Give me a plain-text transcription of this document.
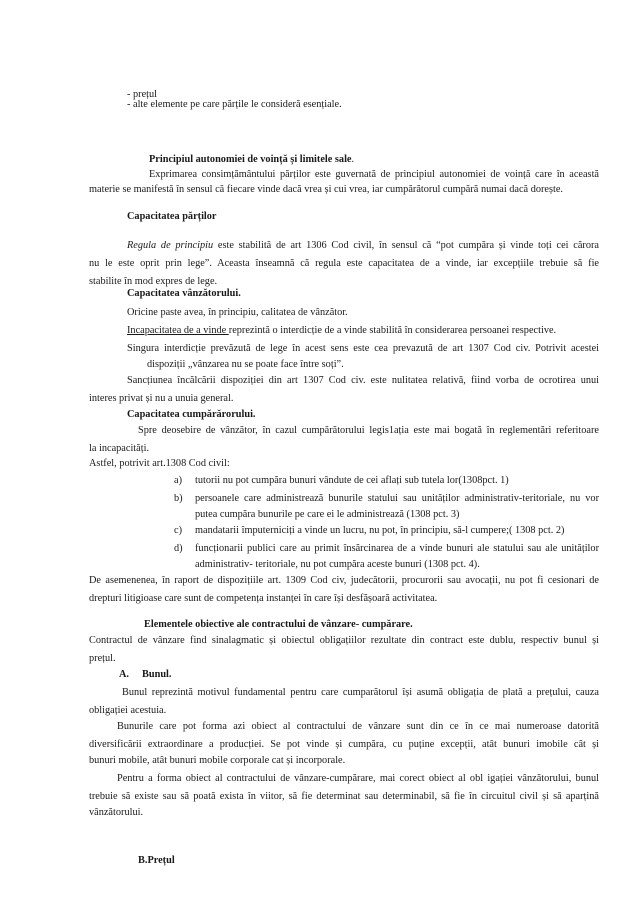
- prețul
- alte elemente pe care părțile le consideră esențiale.
Principiul autonomiei de voință și limitele sale.
Exprimarea consimțământului părților este guvernată de principiul autonomiei de voință care în această
materie se manifestă în sensul că fiecare vinde dacă vrea și cui vrea, iar cumpărătorul cumpără numai dacă dorește.
Capacitatea părților
Regula de principiu este stabilită de art 1306 Cod civil, în sensul că “pot cumpăra și vinde toți cei cărora
nu le este oprit prin lege”. Aceasta înseamnă că regula este capacitatea de a vinde, iar excepțiile trebuie să fie
stabilite în mod expres de lege.
Capacitatea vânzătorului.
Oricine paste avea, în principiu, calitatea de vânzător.
Incapacitatea de a vinde reprezintă o interdicție de a vinde stabilită în considerarea persoanei respective.
Singura interdicție prevăzută de lege în acest sens este cea prevazută de art 1307 Cod civ. Potrivit acestei
dispoziții „vânzarea nu se poate face între soți”.
Sancțiunea încălcării dispoziției din art 1307 Cod civ. este nulitatea relativă, fiind vorba de ocrotirea unui
interes privat și nu a unuia general.
Capacitatea cumpărărorului.
Spre deosebire de vânzător, în cazul cumpărătorului legis1ația este mai bogată în reglementări referitoare
la incapacități.
Astfel, potrivit art.1308 Cod civil:
a) tutorii nu pot cumpăra bunuri vândute de cei aflați sub tutela lor(1308pct. 1)
b) persoanele care administrează bunurile statului sau unităților administrativ-teritoriale, nu vor
putea cumpăra bunurile pe care ei le administrează (1308 pct. 3)
c) mandatarii împuterniciți a vinde un lucru, nu pot, în principiu, să-l cumpere;( 1308 pct. 2)
d) funcționarii publici care au primit însărcinarea de a vinde bunuri ale statului sau ale unităților
administrativ- teritoriale, nu pot cumpăra aceste bunuri (1308 pct. 4).
De asemenenea, în raport de dispozițiile art. 1309 Cod civ, judecătorii, procurorii sau avocații, nu pot fi cesionari de
drepturi litigioase care sunt de competența instanței în care își desfășoară activitatea.
Elementele obiective ale contractului de vânzare- cumpărare.
Contractul de vânzare find sinalagmatic și obiectul obligațiilor rezultate din contract este dublu, respectiv bunul și
prețul.
A. Bunul.
Bunul reprezintă motivul fundamental pentru care cumparătorul își asumă obligația de plată a prețului, cauza
obligației acestuia.
Bunurile care pot forma azi obiect al contractului de vânzare sunt din ce în ce mai numeroase datorită
diversificării extraordinare a producției. Se pot vinde și cumpăra, cu puține excepții, atât bunuri imobile cât și
bunuri mobile, atât bunuri mobile corporale cat și incorporale.
Pentru a forma obiect al contractului de vânzare-cumpărare, mai corect obiect al obl igației vânzătorului, bunul
trebuie să existe sau să poată exista în viitor, să fie determinat sau determinabil, să fie în circuitul civil și să aparțină
vânzătorului.
B.Prețul
